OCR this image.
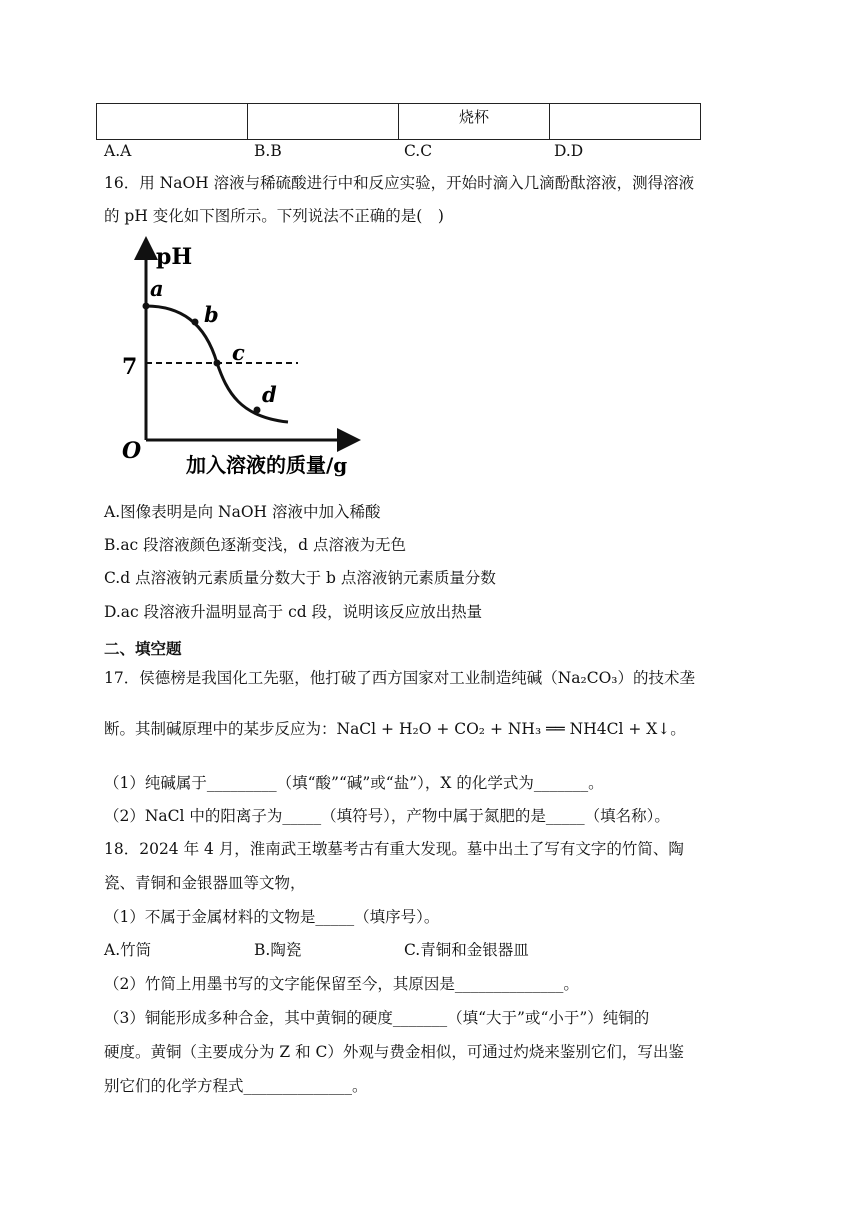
		烧杯	
A.A	B.B	C.C	D.D
16．用 NaOH 溶液与稀硫酸进行中和反应实验，开始时滴入几滴酚酞溶液，测得溶液
的 pH 变化如下图所示。下列说法不正确的是(　)
pH
7
O
a
b
c
d
加入溶液的质量/g
A.图像表明是向 NaOH 溶液中加入稀酸
B.ac 段溶液颜色逐渐变浅，d 点溶液为无色
C.d 点溶液钠元素质量分数大于 b 点溶液钠元素质量分数
D.ac 段溶液升温明显高于 cd 段，说明该反应放出热量
二、填空题
17．侯德榜是我国化工先驱，他打破了西方国家对工业制造纯碱（Na₂CO₃）的技术垄
断。其制碱原理中的某步反应为：NaCl + H₂O + CO₂ + NH₃ ══ NH4Cl + X↓。
（1）纯碱属于_________（填“酸”“碱”或“盐”），X 的化学式为_______。
（2）NaCl 中的阳离子为_____（填符号），产物中属于氮肥的是_____（填名称）。
18．2024 年 4 月，淮南武王墩墓考古有重大发现。墓中出土了写有文字的竹简、陶
瓷、青铜和金银器皿等文物，
（1）不属于金属材料的文物是_____（填序号）。
A.竹筒	B.陶瓷	C.青铜和金银器皿
（2）竹简上用墨书写的文字能保留至今，其原因是______________。
（3）铜能形成多种合金，其中黄铜的硬度_______（填“大于”或“小于”）纯铜的
硬度。黄铜（主要成分为 Z 和 C）外观与费金相似，可通过灼烧来鉴别它们，写出鉴
别它们的化学方程式______________。
